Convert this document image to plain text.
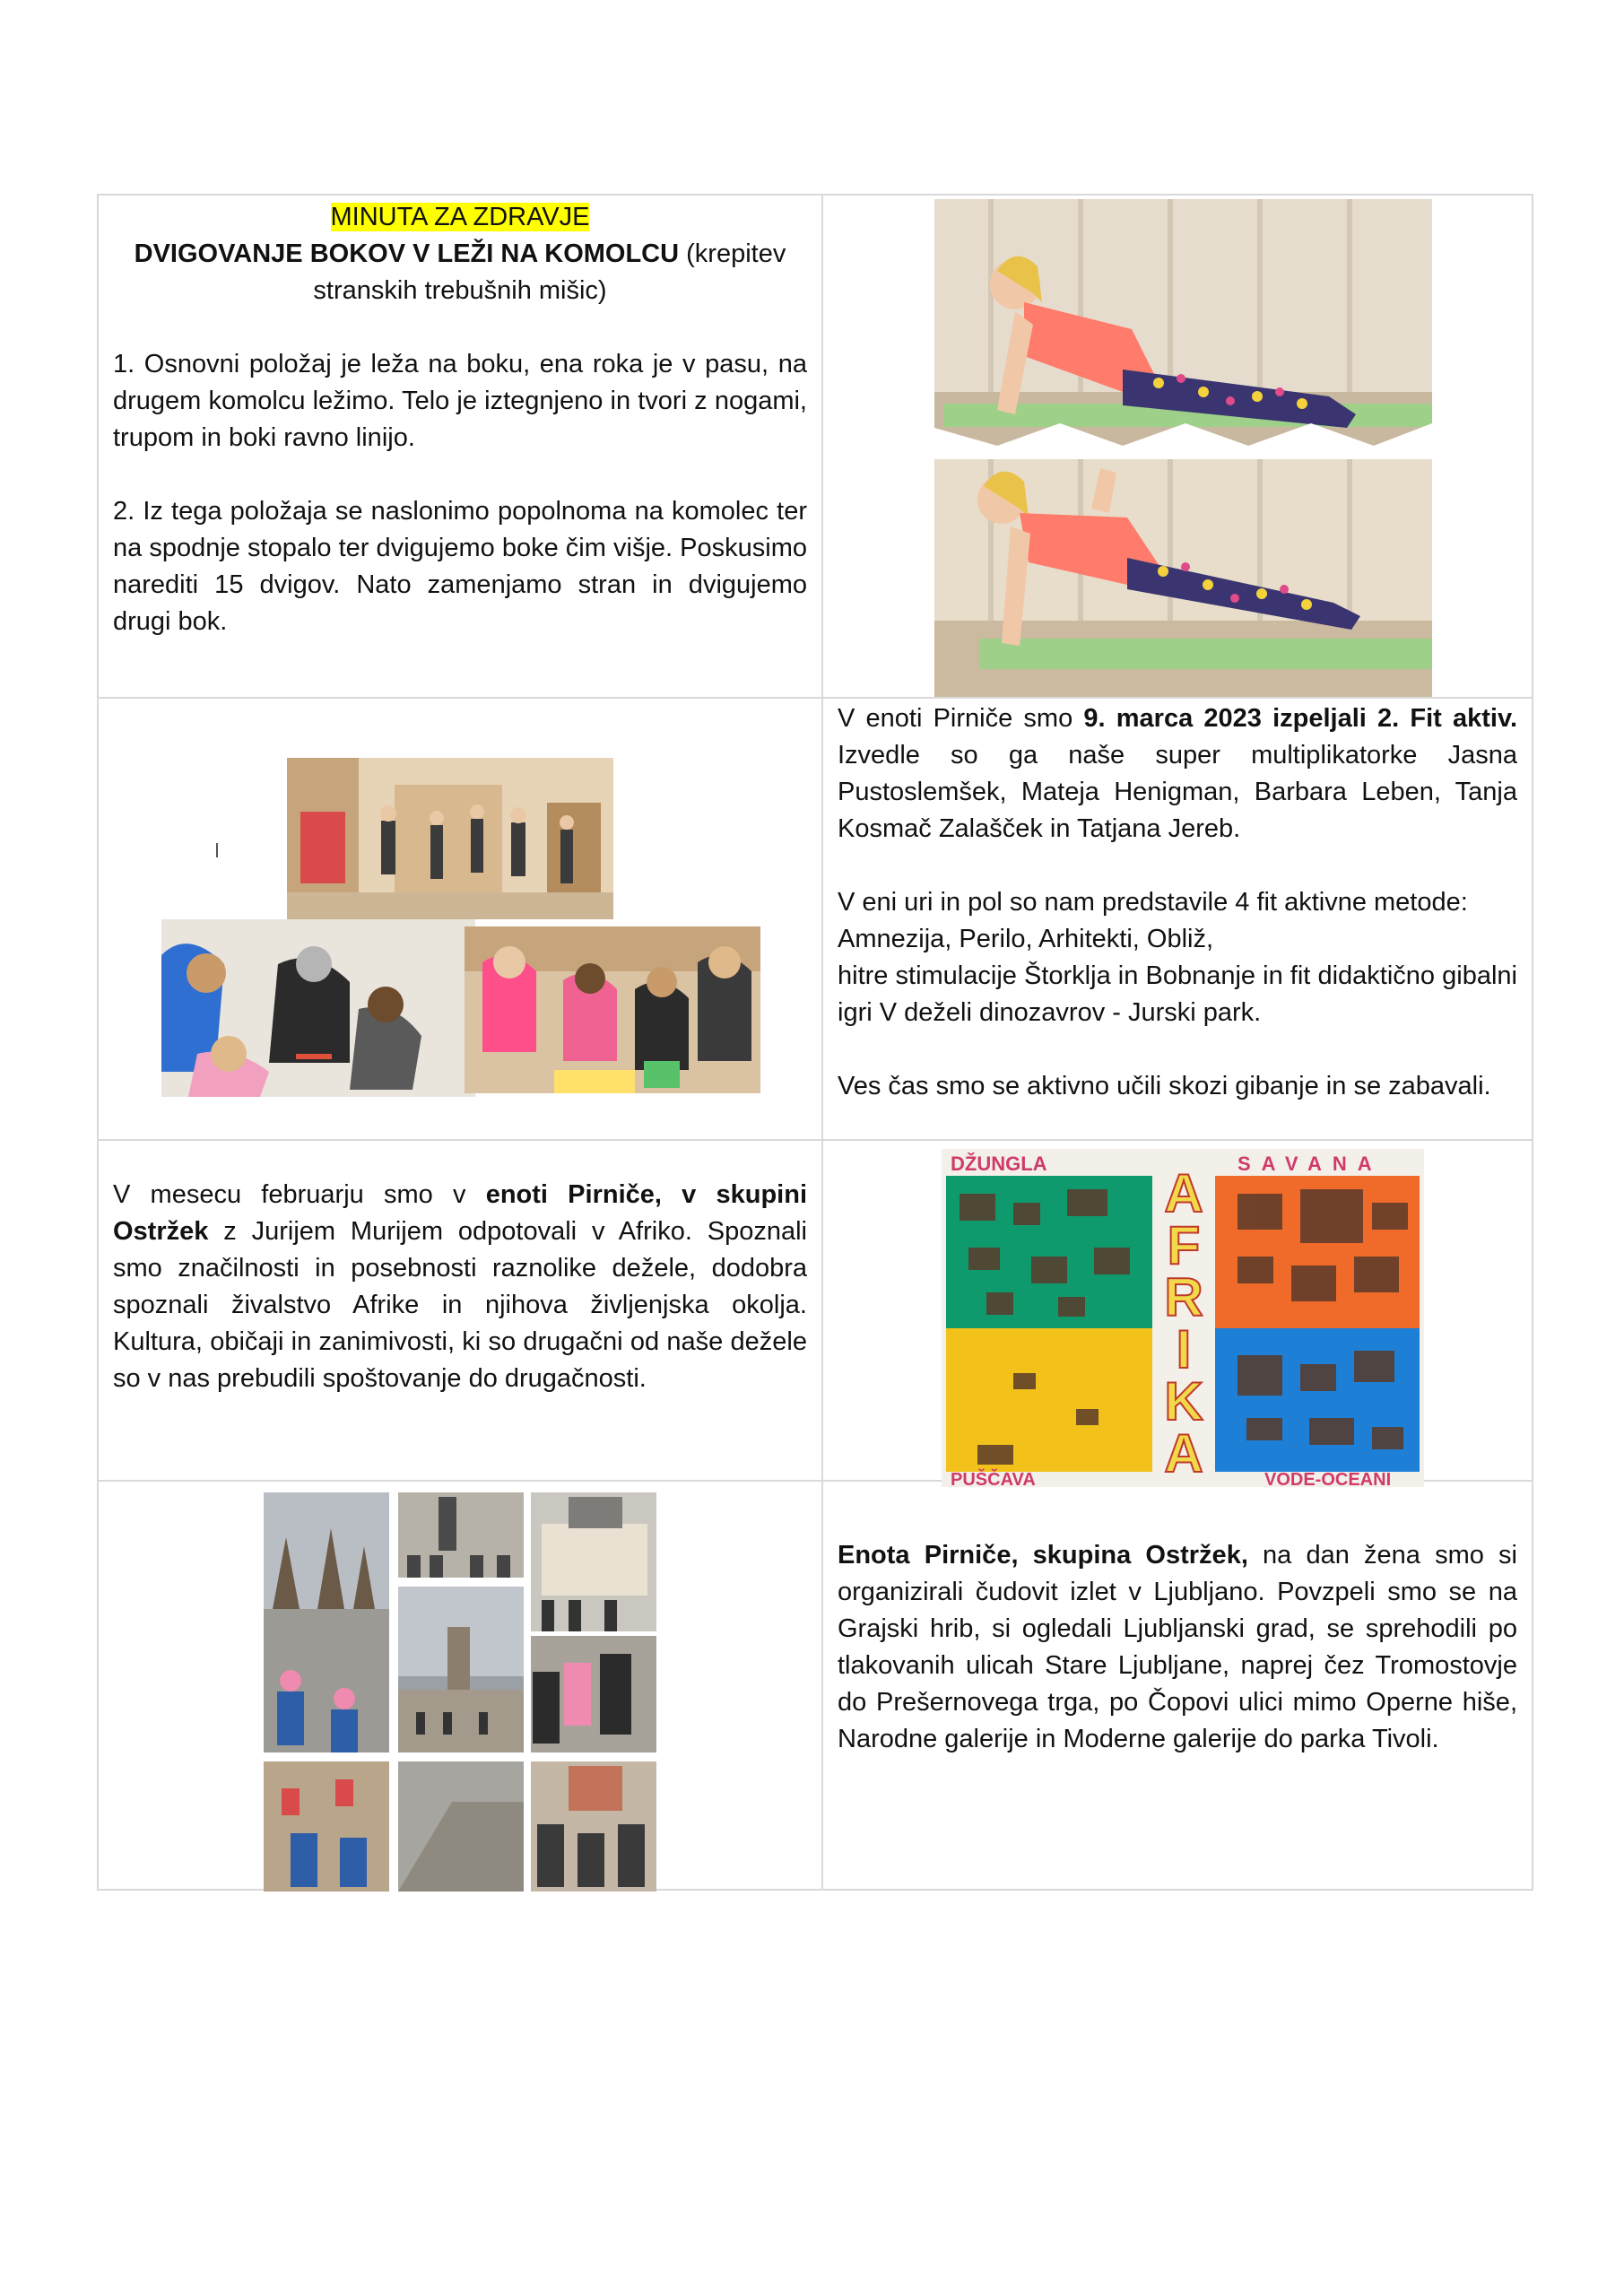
MINUTA ZA ZDRAVJE

DVIGOVANJE BOKOV V LEŽI NA KOMOLCU (krepitev

stranskih trebušnih mišic)

1. Osnovni položaj je leža na boku, ena roka je v pasu, na drugem komolcu ležimo. Telo je iztegnjeno in tvori z nogami, trupom in boki ravno linijo.

2. Iz tega položaja se naslonimo popolnoma na komolec ter na spodnje stopalo ter dvigujemo boke čim višje. Poskusimo narediti 15 dvigov. Nato zamenjamo stran in dvigujemo drugi bok.	

	V enoti Pirniče smo 9. marca 2023 izpeljali 2. Fit aktiv. Izvedle so ga naše super multiplikatorke Jasna Pustoslemšek, Mateja Henigman, Barbara Leben, Tanja Kosmač Zalašček in Tatjana Jereb.

V eni uri in pol so nam predstavile 4 fit aktivne metode:

Amnezija, Perilo, Arhitekti, Obliž,

hitre stimulacije Štorklja in Bobnanje in fit didaktično gibalni igri V deželi dinozavrov - Jurski park.

Ves čas smo se aktivno učili skozi gibanje in se zabavali.

V mesecu februarju smo v enoti Pirniče, v skupini Ostržek z Jurijem Murijem odpotovali v Afriko. Spoznali smo značilnosti in posebnosti raznolike dežele, dodobra spoznali živalstvo Afrike in njihova življenjska okolja. Kultura, običaji in zanimivosti, ki so drugačni od naše dežele so v nas prebudili spoštovanje do drugačnosti.	

	Enota Pirniče, skupina Ostržek, na dan žena smo si organizirali čudovit izlet v Ljubljano. Povzpeli smo se na Grajski hrib, si ogledali Ljubljanski grad, se sprehodili po tlakovanih ulicah Stare Ljubljane, naprej čez Tromostovje do Prešernovega trga, po Čopovi ulici mimo Operne hiše, Narodne galerije in Moderne galerije do parka Tivoli.

DŽUNGLA	SAVANA
PUŠČAVA	VODE-OCEANI
A F R I K A
